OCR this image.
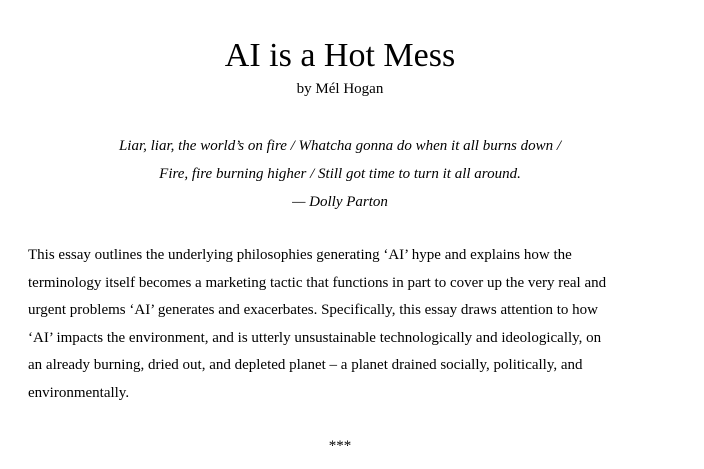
AI is a Hot Mess

by Mél Hogan

Liar, liar, the world’s on fire / Whatcha gonna do when it all burns down /
Fire, fire burning higher / Still got time to turn it all around.
— Dolly Parton

This essay outlines the underlying philosophies generating ‘AI’ hype and explains how the
terminology itself becomes a marketing tactic that functions in part to cover up the very real and
urgent problems ‘AI’ generates and exacerbates. Specifically, this essay draws attention to how
‘AI’ impacts the environment, and is utterly unsustainable technologically and ideologically, on
an already burning, dried out, and depleted planet – a planet drained socially, politically, and
environmentally.

***
